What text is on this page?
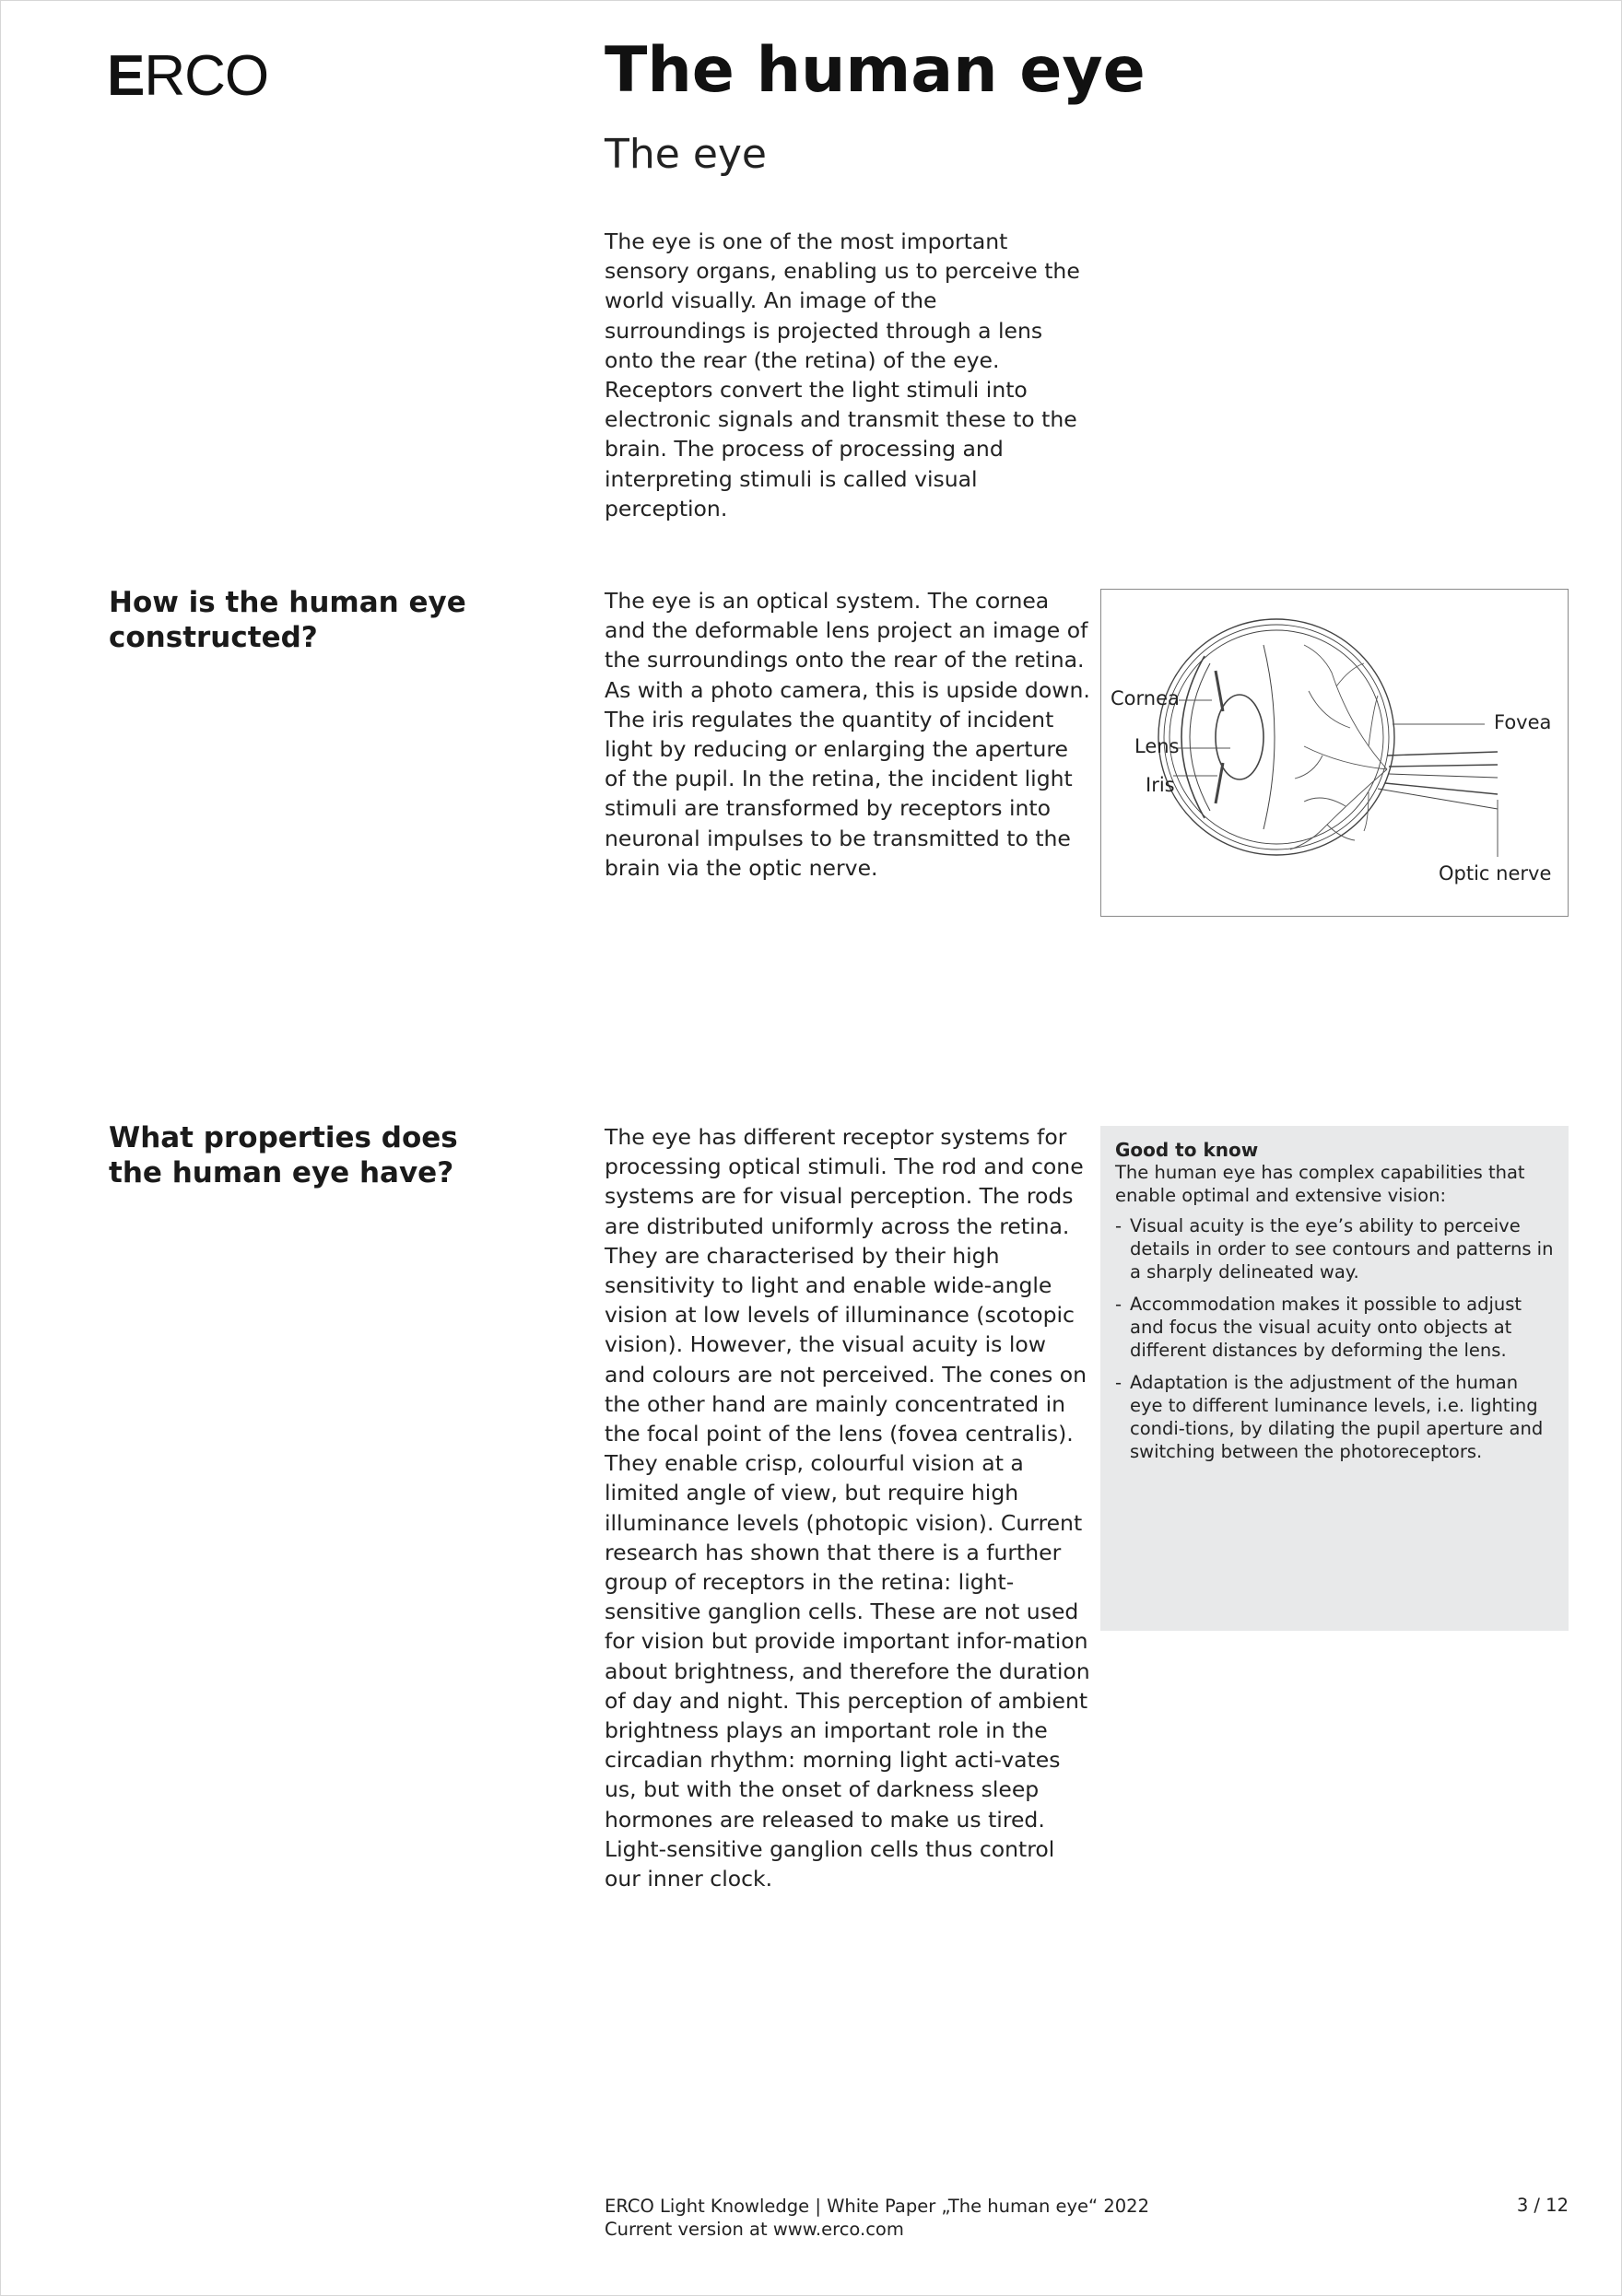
ERCO	The human eye
The eye

The eye is one of the most important sensory organs, enabling us to perceive the world visually. An image of the surroundings is projected through a lens onto the rear (the retina) of the eye. Receptors convert the light stimuli into electronic signals and transmit these to the brain. The process of processing and interpreting stimuli is called visual perception.

How is the human eye constructed?

The eye is an optical system. The cornea and the deformable lens project an image of the surroundings onto the rear of the retina. As with a photo camera, this is upside down. The iris regulates the quantity of incident light by reducing or enlarging the aperture of the pupil. In the retina, the incident light stimuli are transformed by receptors into neuronal impulses to be transmitted to the brain via the optic nerve.

Cornea
Lens
Iris
Fovea
Optic nerve
What properties does the human eye have?

The eye has different receptor systems for processing optical stimuli. The rod and cone systems are for visual perception. The rods are distributed uniformly across the retina. They are characterised by their high sensitivity to light and enable wide-angle vision at low levels of illuminance (scotopic vision). However, the visual acuity is low and colours are not perceived. The cones on the other hand are mainly concentrated in the focal point of the lens (fovea centralis). They enable crisp, colourful vision at a limited angle of view, but require high illuminance levels (photopic vision). Current research has shown that there is a further group of receptors in the retina: light-sensitive ganglion cells. These are not used for vision but provide important infor-mation about brightness, and therefore the duration of day and night. This perception of ambient brightness plays an important role in the circadian rhythm: morning light acti-vates us, but with the onset of darkness sleep hormones are released to make us tired. Light-sensitive ganglion cells thus control our inner clock.

Good to know

The human eye has complex capabilities that enable optimal and extensive vision:

- Visual acuity is the eye’s ability to perceive details in order to see contours and patterns in a sharply delineated way.
- Accommodation makes it possible to adjust and focus the visual acuity onto objects at different distances by deforming the lens.
- Adaptation is the adjustment of the human eye to different luminance levels, i.e. lighting condi-tions, by dilating the pupil aperture and switching between the photoreceptors.
ERCO Light Knowledge | White Paper „The human eye“ 2022
Current version at www.erco.com
3 / 12
